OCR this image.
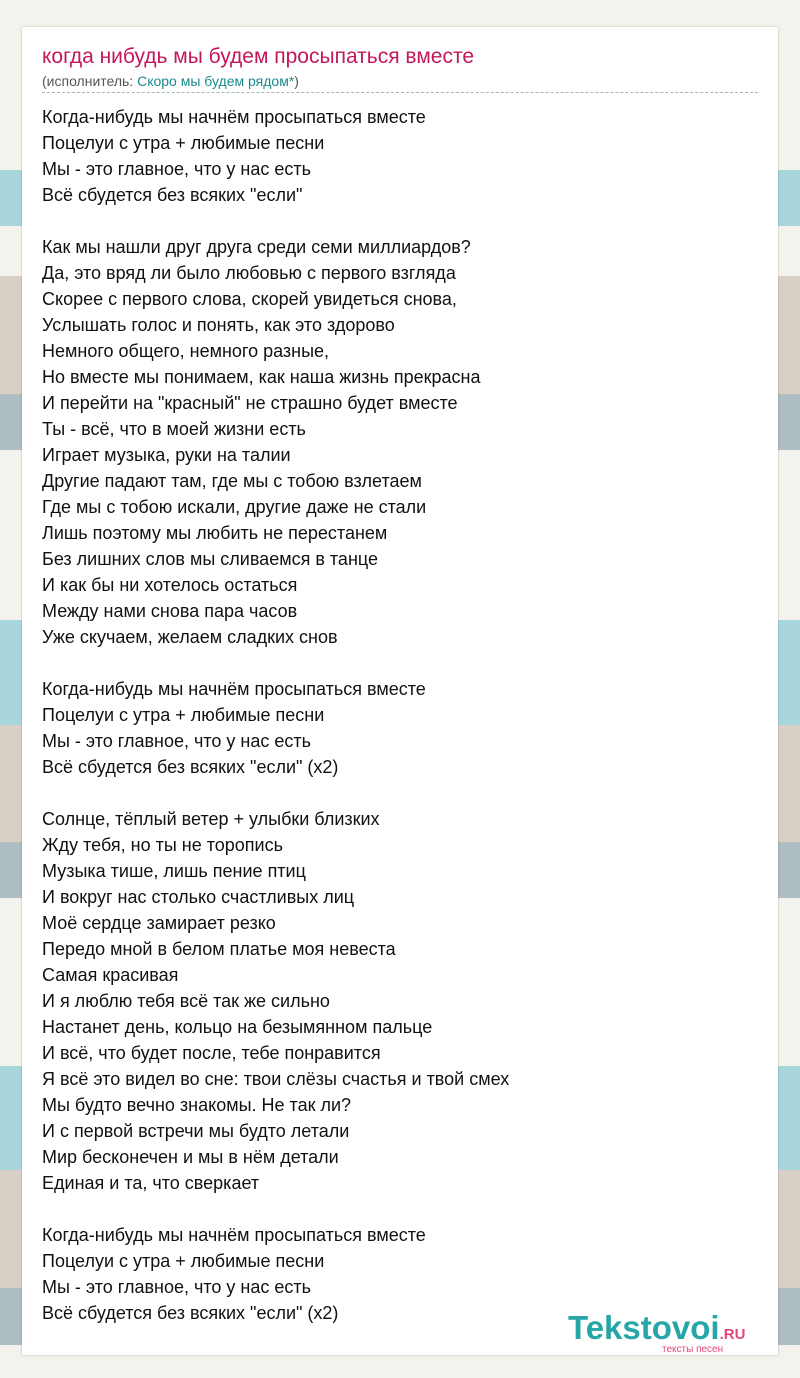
когда нибудь мы будем просыпаться вместе
(исполнитель: Скоро мы будем рядом*)
Когда-нибудь мы начнём просыпаться вместе
Поцелуи с утра + любимые песни
Мы - это главное, что у нас есть
Всё сбудется без всяких "если"
Как мы нашли друг друга среди семи миллиардов?
Да, это вряд ли было любовью с первого взгляда
Скорее с первого слова, скорей увидеться снова,
Услышать голос и понять, как это здорово
Немного общего, немного разные,
Но вместе мы понимаем, как наша жизнь прекрасна
И перейти на "красный" не страшно будет вместе
Ты - всё, что в моей жизни есть
Играет музыка, руки на талии
Другие падают там, где мы с тобою взлетаем
Где мы с тобою искали, другие даже не стали
Лишь поэтому мы любить не перестанем
Без лишних слов мы сливаемся в танце
И как бы ни хотелось остаться
Между нами снова пара часов
Уже скучаем, желаем сладких снов
Когда-нибудь мы начнём просыпаться вместе
Поцелуи с утра + любимые песни
Мы - это главное, что у нас есть
Всё сбудется без всяких "если" (x2)
Солнце, тёплый ветер + улыбки близких
Жду тебя, но ты не торопись
Музыка тише, лишь пение птиц
И вокруг нас столько счастливых лиц
Моё сердце замирает резко
Передо мной в белом платье моя невеста
Самая красивая
И я люблю тебя всё так же сильно
Настанет день, кольцо на безымянном пальце
И всё, что будет после, тебе понравится
Я всё это видел во сне: твои слёзы счастья и твой смех
Мы будто вечно знакомы. Не так ли?
И с первой встречи мы будто летали
Мир бесконечен и мы в нём детали
Единая и та, что сверкает
Когда-нибудь мы начнём просыпаться вместе
Поцелуи с утра + любимые песни
Мы - это главное, что у нас есть
Всё сбудется без всяких "если" (x2)	Tekstovoi.RU
тексты песен
